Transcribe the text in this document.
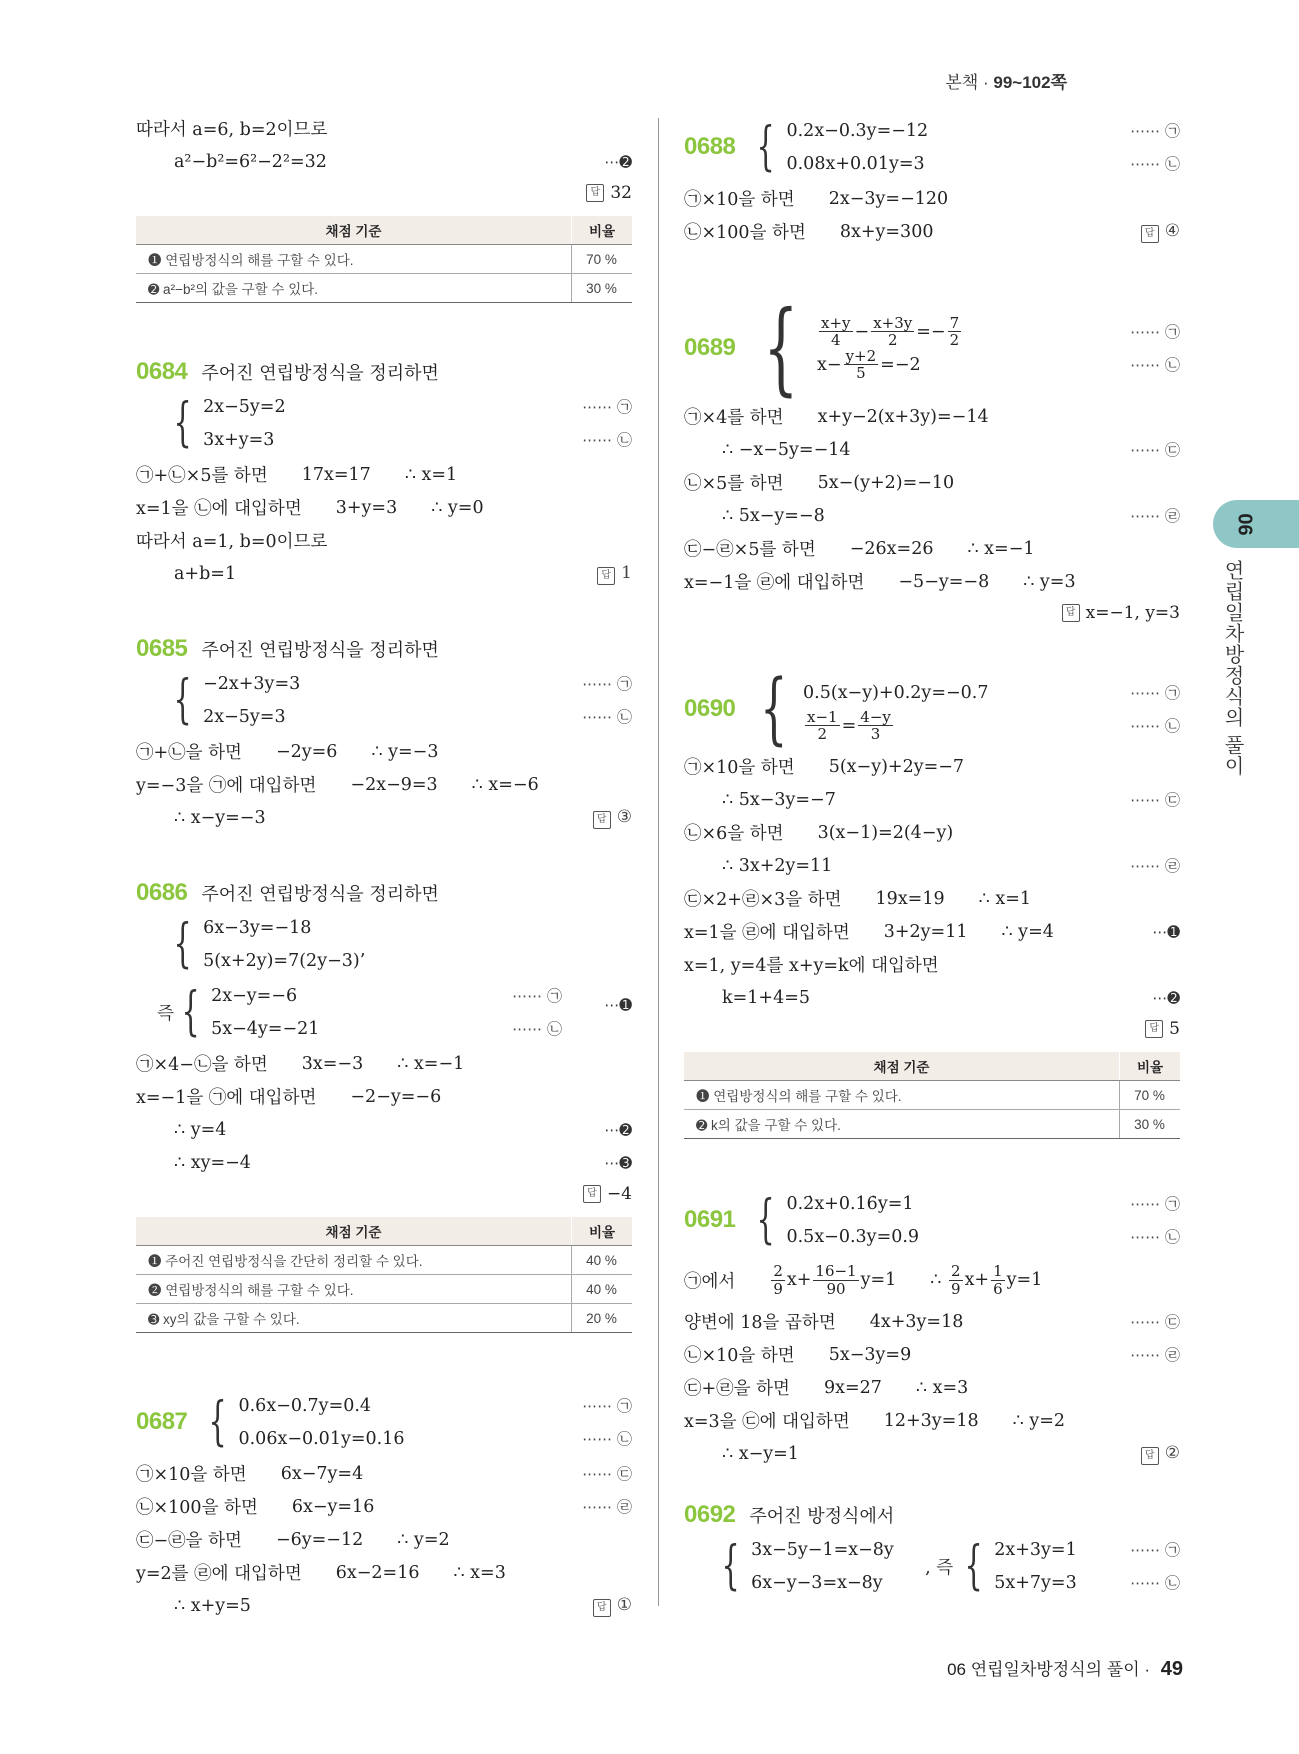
본책 · 99~102쪽
따라서 a=6, b=2이므로
a²−b²=6²−2²=32	⋯➋
답 32
채점 기준	비율
➊ 연립방정식의 해를 구할 수 있다.	70 %
➋ a²−b²의 값을 구할 수 있다.	30 %
0684 주어진 연립방정식을 정리하면
{ 2x−5y=2	⋯⋯ ㉠
3x+y=3	⋯⋯ ㉡
㉠+㉡×5를 하면 17x=17 ∴ x=1
x=1을 ㉡에 대입하면 3+y=3 ∴ y=0
따라서 a=1, b=0이므로
a+b=1	답 1
0685 주어진 연립방정식을 정리하면
{ −2x+3y=3	⋯⋯ ㉠
2x−5y=3	⋯⋯ ㉡
㉠+㉡을 하면 −2y=6 ∴ y=−3
y=−3을 ㉠에 대입하면 −2x−9=3 ∴ x=−6
∴ x−y=−3	답 ③
0686 주어진 연립방정식을 정리하면
{ 6x−3y=−18
5(x+2y)=7(2y−3)’
즉 { 2x−y=−6	⋯⋯ ㉠
5x−4y=−21	⋯⋯ ㉡
⋯➊
㉠×4−㉡을 하면 3x=−3 ∴ x=−1
x=−1을 ㉠에 대입하면 −2−y=−6
∴ y=4	⋯➋
∴ xy=−4	⋯➌
답 −4
채점 기준	비율
➊ 주어진 연립방정식을 간단히 정리할 수 있다.	40 %
➋ 연립방정식의 해를 구할 수 있다.	40 %
➌ xy의 값을 구할 수 있다.	20 %
0687 { 0.6x−0.7y=0.4	⋯⋯ ㉠
0.06x−0.01y=0.16	⋯⋯ ㉡
㉠×10을 하면 6x−7y=4	⋯⋯ ㉢
㉡×100을 하면 6x−y=16	⋯⋯ ㉣
㉢−㉣을 하면 −6y=−12 ∴ y=2
y=2를 ㉣에 대입하면 6x−2=16 ∴ x=3
∴ x+y=5	답 ①
0688 { 0.2x−0.3y=−12	⋯⋯ ㉠
0.08x+0.01y=3	⋯⋯ ㉡
㉠×10을 하면 2x−3y=−120
㉡×100을 하면 8x+y=300	답 ④
0689 { $\frac{x+y}{4} - \frac{x+3y}{2} =- \frac{7}{2}$	⋯⋯ ㉠
$x- \frac{y+2}{5} =-2$	⋯⋯ ㉡
㉠×4를 하면 x+y−2(x+3y)=−14
∴ −x−5y=−14	⋯⋯ ㉢
㉡×5를 하면 5x−(y+2)=−10
∴ 5x−y=−8	⋯⋯ ㉣
㉢−㉣×5를 하면 −26x=26 ∴ x=−1
x=−1을 ㉣에 대입하면 −5−y=−8 ∴ y=3
답 x=−1, y=3
0690 { 0.5(x−y)+0.2y=−0.7	⋯⋯ ㉠
$\frac{x-1}{2} = \frac{4-y}{3}$	⋯⋯ ㉡
㉠×10을 하면 5(x−y)+2y=−7
∴ 5x−3y=−7	⋯⋯ ㉢
㉡×6을 하면 3(x−1)=2(4−y)
∴ 3x+2y=11	⋯⋯ ㉣
㉢×2+㉣×3을 하면 19x=19 ∴ x=1
x=1을 ㉣에 대입하면 3+2y=11 ∴ y=4	⋯➊
x=1, y=4를 x+y=k에 대입하면
k=1+4=5	⋯➋
답 5
채점 기준	비율
➊ 연립방정식의 해를 구할 수 있다.	70 %
➋ k의 값을 구할 수 있다.	30 %
0691 { 0.2̇x+0.16̇y=1	⋯⋯ ㉠
0.5x−0.3y=0.9	⋯⋯ ㉡
㉠에서 $\frac{2}{9} x+ \frac{16-1}{90} y=1$ ∴
$\frac{2}{9} x+ \frac{1}{6} y=1$
양변에 18을 곱하면 4x+3y=18	⋯⋯ ㉢
㉡×10을 하면 5x−3y=9	⋯⋯ ㉣
㉢+㉣을 하면 9x=27 ∴ x=3
x=3을 ㉢에 대입하면 12+3y=18 ∴ y=2
∴ x−y=1	답 ②
0692 주어진 방정식에서
{ 3x−5y−1=x−8y
6x−y−3=x−8y
, 즉 { 2x+3y=1	⋯⋯ ㉠
5x+7y=3	⋯⋯ ㉡
06
연립일차방정식의 풀이
06 연립일차방정식의 풀이 · 49
